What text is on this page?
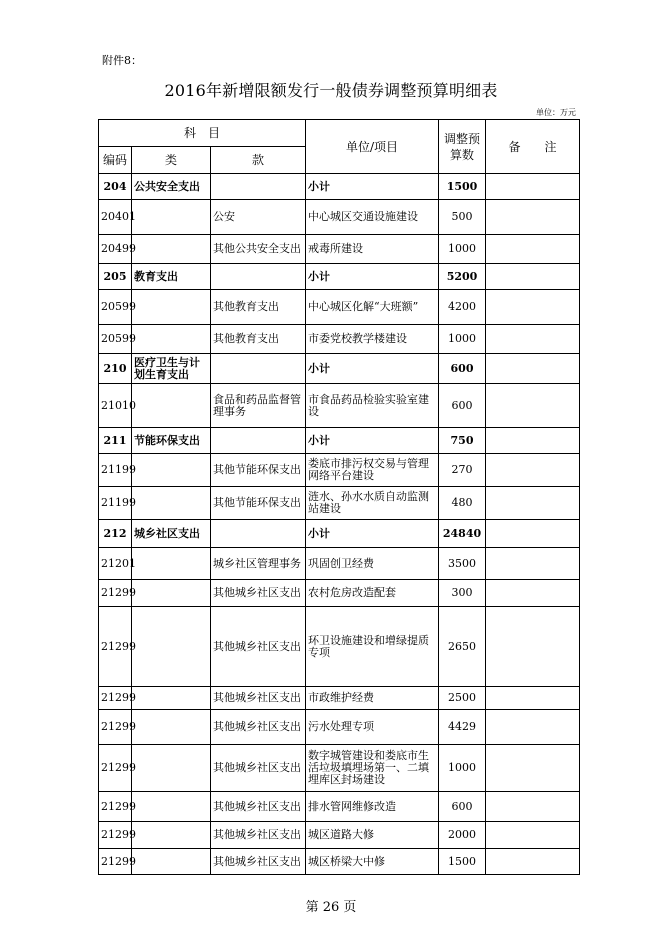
附件8：
2016年新增限额发行一般债券调整预算明细表
单位：万元
科　目			单位/项目	调整预算数	备　　注
编码	类	款			
204	公共安全支出		小计	1500	
20401		公安	中心城区交通设施建设	500	
20499		其他公共安全支出	戒毒所建设	1000	
205	教育支出		小计	5200	
20599		其他教育支出	中心城区化解“大班额”	4200	
20599		其他教育支出	市委党校教学楼建设	1000	
210	医疗卫生与计划生育支出		小计	600	
21010		食品和药品监督管理事务	市食品药品检验实验室建设	600	
211	节能环保支出		小计	750	
21199		其他节能环保支出	娄底市排污权交易与管理网络平台建设	270	
21199		其他节能环保支出	涟水、孙水水质自动监测站建设	480	
212	城乡社区支出		小计	24840	
21201		城乡社区管理事务	巩固创卫经费	3500	
21299		其他城乡社区支出	农村危房改造配套	300	
21299		其他城乡社区支出	环卫设施建设和增绿提质专项	2650	
21299		其他城乡社区支出	市政维护经费	2500	
21299		其他城乡社区支出	污水处理专项	4429	
21299		其他城乡社区支出	数字城管建设和娄底市生活垃圾填埋场第一、二填埋库区封场建设	1000	
21299		其他城乡社区支出	排水管网维修改造	600	
21299		其他城乡社区支出	城区道路大修	2000	
21299		其他城乡社区支出	城区桥梁大中修	1500	
第 26 页
